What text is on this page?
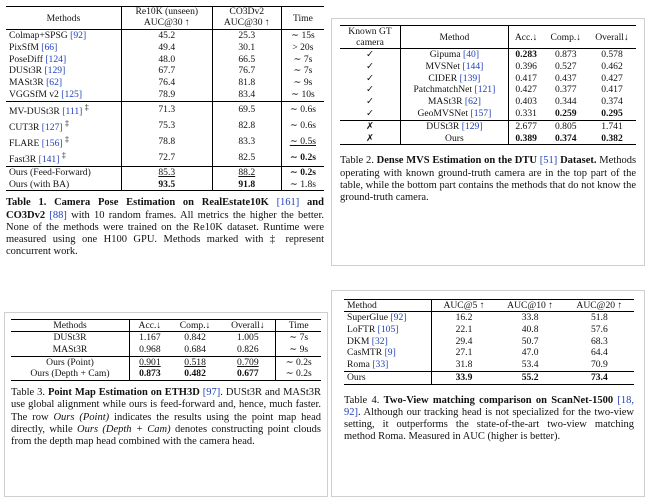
Methods	Re10K (unseen)	CO3Dv2	Time
	AUC@30 ↑	AUC@30 ↑	
Colmap+SPSG [92]	45.2	25.3	∼ 15s
PixSfM [66]	49.4	30.1	> 20s
PoseDiff [124]	48.0	66.5	∼ 7s
DUSt3R [129]	67.7	76.7	∼ 7s
MASt3R [62]	76.4	81.8	∼ 9s
VGGSfM v2 [125]	78.9	83.4	∼ 10s
MV-DUSt3R [111] ‡	71.3	69.5	∼ 0.6s
CUT3R [127] ‡	75.3	82.8	∼ 0.6s
FLARE [156] ‡	78.8	83.3	∼ 0.5s
Fast3R [141] ‡	72.7	82.5	∼ 0.2s
Ours (Feed-Forward)	85.3	88.2	∼ 0.2s
Ours (with BA)	93.5	91.8	∼ 1.8s
Table 1. Camera Pose Estimation on RealEstate10K [161] and CO3Dv2 [88] with 10 random frames. All metrics the higher the better. None of the methods were trained on the Re10K dataset. Runtime were measured using one H100 GPU. Methods marked with ‡ represent concurrent work.
Known GT
camera	Method	Acc.↓	Comp.↓	Overall↓
✓	Gipuma [40]	0.283	0.873	0.578
✓	MVSNet [144]	0.396	0.527	0.462
✓	CIDER [139]	0.417	0.437	0.427
✓	PatchmatchNet [121]	0.427	0.377	0.417
✓	MASt3R [62]	0.403	0.344	0.374
✓	GeoMVSNet [157]	0.331	0.259	0.295
✗	DUSt3R [129]	2.677	0.805	1.741
✗	Ours	0.389	0.374	0.382
Table 2. Dense MVS Estimation on the DTU [51] Dataset. Methods operating with known ground-truth camera are in the top part of the table, while the bottom part contains the methods that do not know the ground-truth camera.
Methods	Acc.↓	Comp.↓	Overall↓	Time
DUSt3R	1.167	0.842	1.005	∼ 7s
MASt3R	0.968	0.684	0.826	∼ 9s
Ours (Point)	0.901	0.518	0.709	∼ 0.2s
Ours (Depth + Cam)	0.873	0.482	0.677	∼ 0.2s
Table 3. Point Map Estimation on ETH3D [97]. DUSt3R and MASt3R use global alignment while ours is feed-forward and, hence, much faster. The row Ours (Point) indicates the results using the point map head directly, while Ours (Depth + Cam) denotes constructing point clouds from the depth map head combined with the camera head.
Method	AUC@5 ↑	AUC@10 ↑	AUC@20 ↑
SuperGlue [92]	16.2	33.8	51.8
LoFTR [105]	22.1	40.8	57.6
DKM [32]	29.4	50.7	68.3
CasMTR [9]	27.1	47.0	64.4
Roma [33]	31.8	53.4	70.9
Ours	33.9	55.2	73.4
Table 4. Two-View matching comparison on ScanNet-1500 [18, 92]. Although our tracking head is not specialized for the two-view setting, it outperforms the state-of-the-art two-view matching method Roma. Measured in AUC (higher is better).
